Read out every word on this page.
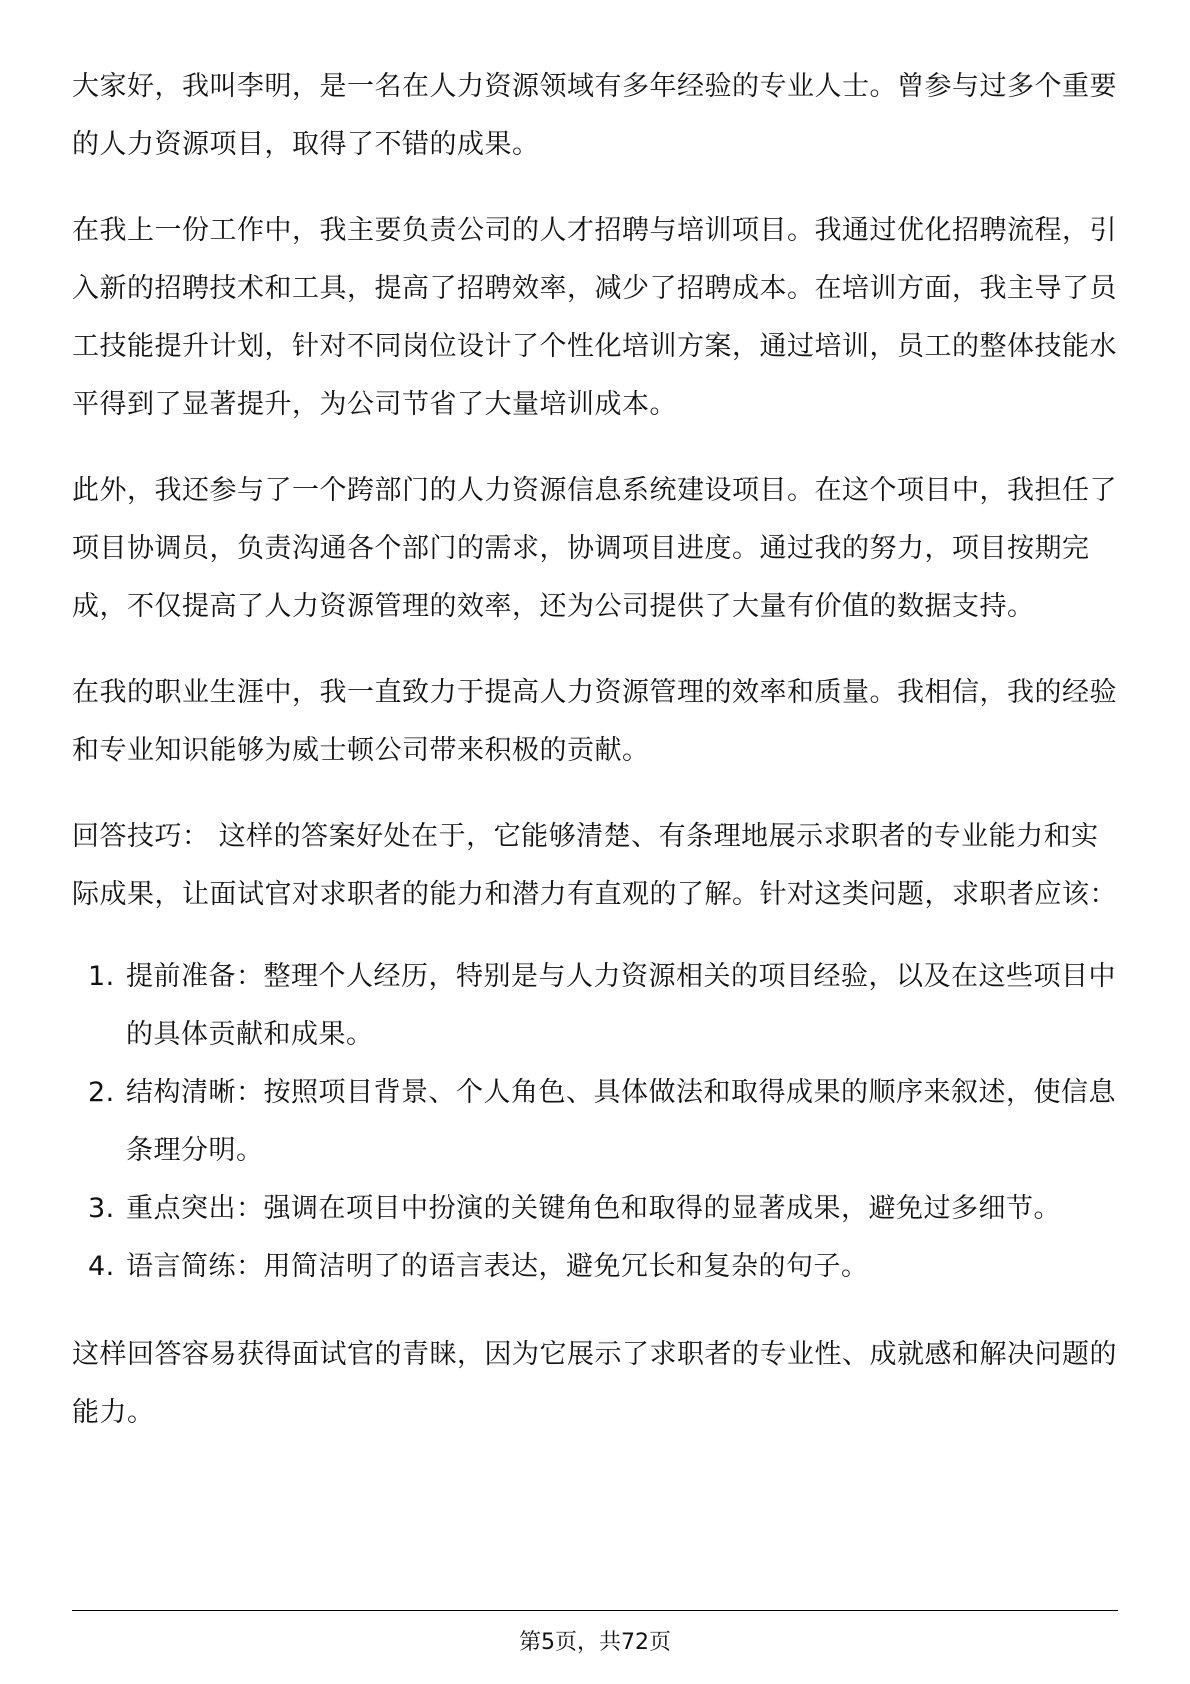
大家好，我叫李明，是一名在人力资源领域有多年经验的专业人士。曾参与过多个重要的人力资源项目，取得了不错的成果。

在我上一份工作中，我主要负责公司的人才招聘与培训项目。我通过优化招聘流程，引入新的招聘技术和工具，提高了招聘效率，减少了招聘成本。在培训方面，我主导了员工技能提升计划，针对不同岗位设计了个性化培训方案，通过培训，员工的整体技能水平得到了显著提升，为公司节省了大量培训成本。

此外，我还参与了一个跨部门的人力资源信息系统建设项目。在这个项目中，我担任了项目协调员，负责沟通各个部门的需求，协调项目进度。通过我的努力，项目按期完成，不仅提高了人力资源管理的效率，还为公司提供了大量有价值的数据支持。

在我的职业生涯中，我一直致力于提高人力资源管理的效率和质量。我相信，我的经验和专业知识能够为威士顿公司带来积极的贡献。

回答技巧： 这样的答案好处在于，它能够清楚、有条理地展示求职者的专业能力和实际成果，让面试官对求职者的能力和潜力有直观的了解。针对这类问题，求职者应该：

1. 提前准备：整理个人经历，特别是与人力资源相关的项目经验，以及在这些项目中的具体贡献和成果。
2. 结构清晰：按照项目背景、个人角色、具体做法和取得成果的顺序来叙述，使信息条理分明。
3. 重点突出：强调在项目中扮演的关键角色和取得的显著成果，避免过多细节。
4. 语言简练：用简洁明了的语言表达，避免冗长和复杂的句子。

这样回答容易获得面试官的青睐，因为它展示了求职者的专业性、成就感和解决问题的能力。

第5页，共72页
